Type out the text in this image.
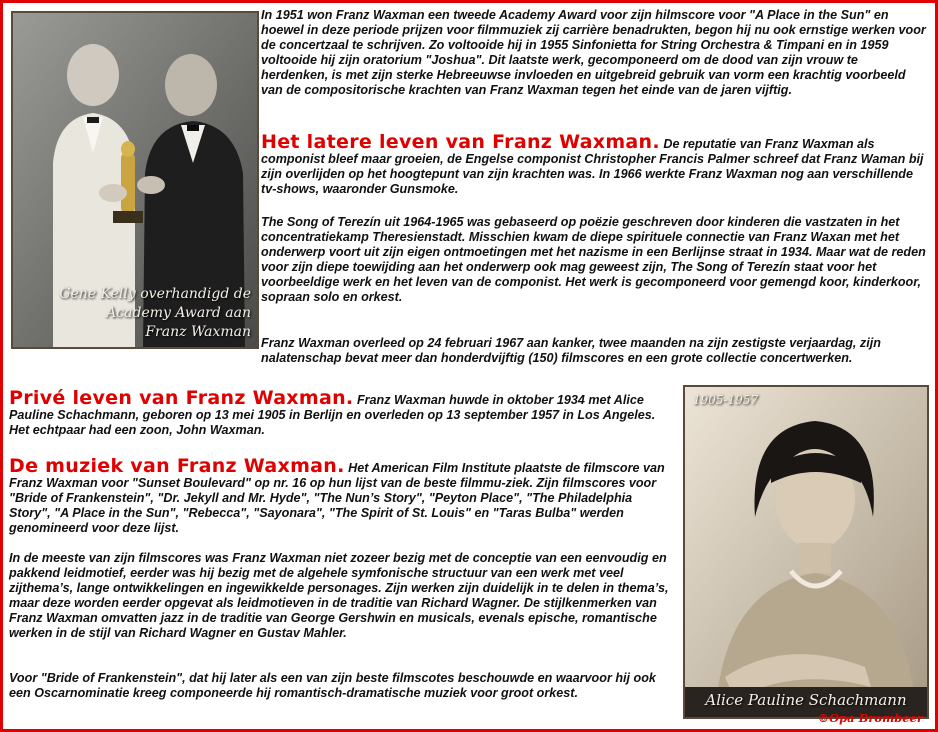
Gene Kelly overhandigd de
Academy Award aan
Franz Waxman

In 1951 won Franz Waxman een tweede Academy Award voor zijn hilmscore voor "A Place in the Sun" en hoewel in deze periode prijzen voor filmmuziek zij carrière benadrukten, begon hij nu ook ernstige werken voor de concertzaal te schrijven. Zo voltooide hij in 1955 Sinfonietta for String Orchestra & Timpani en in 1959 voltooide hij zijn oratorium "Joshua". Dit laatste werk, gecomponeerd om de dood van zijn vrouw te herdenken, is met zijn sterke Hebreeuwse invloeden en uitgebreid gebruik van vorm een krachtig voorbeeld van de compositorische krachten van Franz Waxman tegen het einde van de jaren vijftig.

Het latere leven van Franz Waxman. De reputatie van Franz Waxman als componist bleef maar groeien, de Engelse componist Christopher Francis Palmer schreef dat Franz Waman bij zijn overlijden op het hoogtepunt van zijn krachten was. In 1966 werkte Franz Waxman nog aan verschillende tv-shows, waaronder Gunsmoke.

The Song of Terezín uit 1964-1965 was gebaseerd op poëzie geschreven door kinderen die vastzaten in het concentratiekamp Theresienstadt. Misschien kwam de diepe spirituele connectie van Franz Waxan met het onderwerp voort uit zijn eigen ontmoetingen met het nazisme in een Berlijnse straat in 1934. Maar wat de reden voor zijn diepe toewijding aan het onderwerp ook mag geweest zijn, The Song of Terezín staat voor het voorbeeldige werk en het leven van de componist. Het werk is gecomponeerd voor gemengd koor, kinderkoor, sopraan solo en orkest.

Franz Waxman overleed op 24 februari 1967 aan kanker, twee maanden na zijn zestigste verjaardag, zijn nalatenschap bevat meer dan honderdvijftig (150) filmscores en een grote collectie concertwerken.

1905-1957
Alice Pauline Schachmann

Privé leven van Franz Waxman. Franz Waxman huwde in oktober 1934 met Alice Pauline Schachmann, geboren op 13 mei 1905 in Berlijn en overleden op 13 september 1957 in Los Angeles. Het echtpaar had een zoon, John Waxman.

De muziek van Franz Waxman. Het American Film Institute plaatste de filmscore van Franz Waxman voor "Sunset Boulevard" op nr. 16 op hun lijst van de beste filmmu-ziek. Zijn filmscores voor "Bride of Frankenstein", "Dr. Jekyll and Mr. Hyde", "The Nun’s Story", "Peyton Place", "The Philadelphia Story", "A Place in the Sun", "Rebecca", "Sayonara", "The Spirit of St. Louis" en "Taras Bulba" werden genomineerd voor deze lijst.

In de meeste van zijn filmscores was Franz Waxman niet zozeer bezig met de conceptie van een eenvoudig en pakkend leidmotief, eerder was hij bezig met de algehele symfonische structuur van een werk met veel zijthema’s, lange ontwikkelingen en ingewikkelde personages. Zijn werken zijn duidelijk in te delen in thema’s, maar deze worden eerder opgevat als leidmotieven in de traditie van Richard Wagner. De stijlkenmerken van Franz Waxman omvatten jazz in de traditie van George Gershwin en musicals, evenals epische, romantische werken in de stijl van Richard Wagner en Gustav Mahler.

Voor "Bride of Frankenstein", dat hij later als een van zijn beste filmscotes beschouwde en waarvoor hij ook een Oscarnominatie kreeg componeerde hij romantisch-dramatische muziek voor groot orkest.

©Opa Brombeer
